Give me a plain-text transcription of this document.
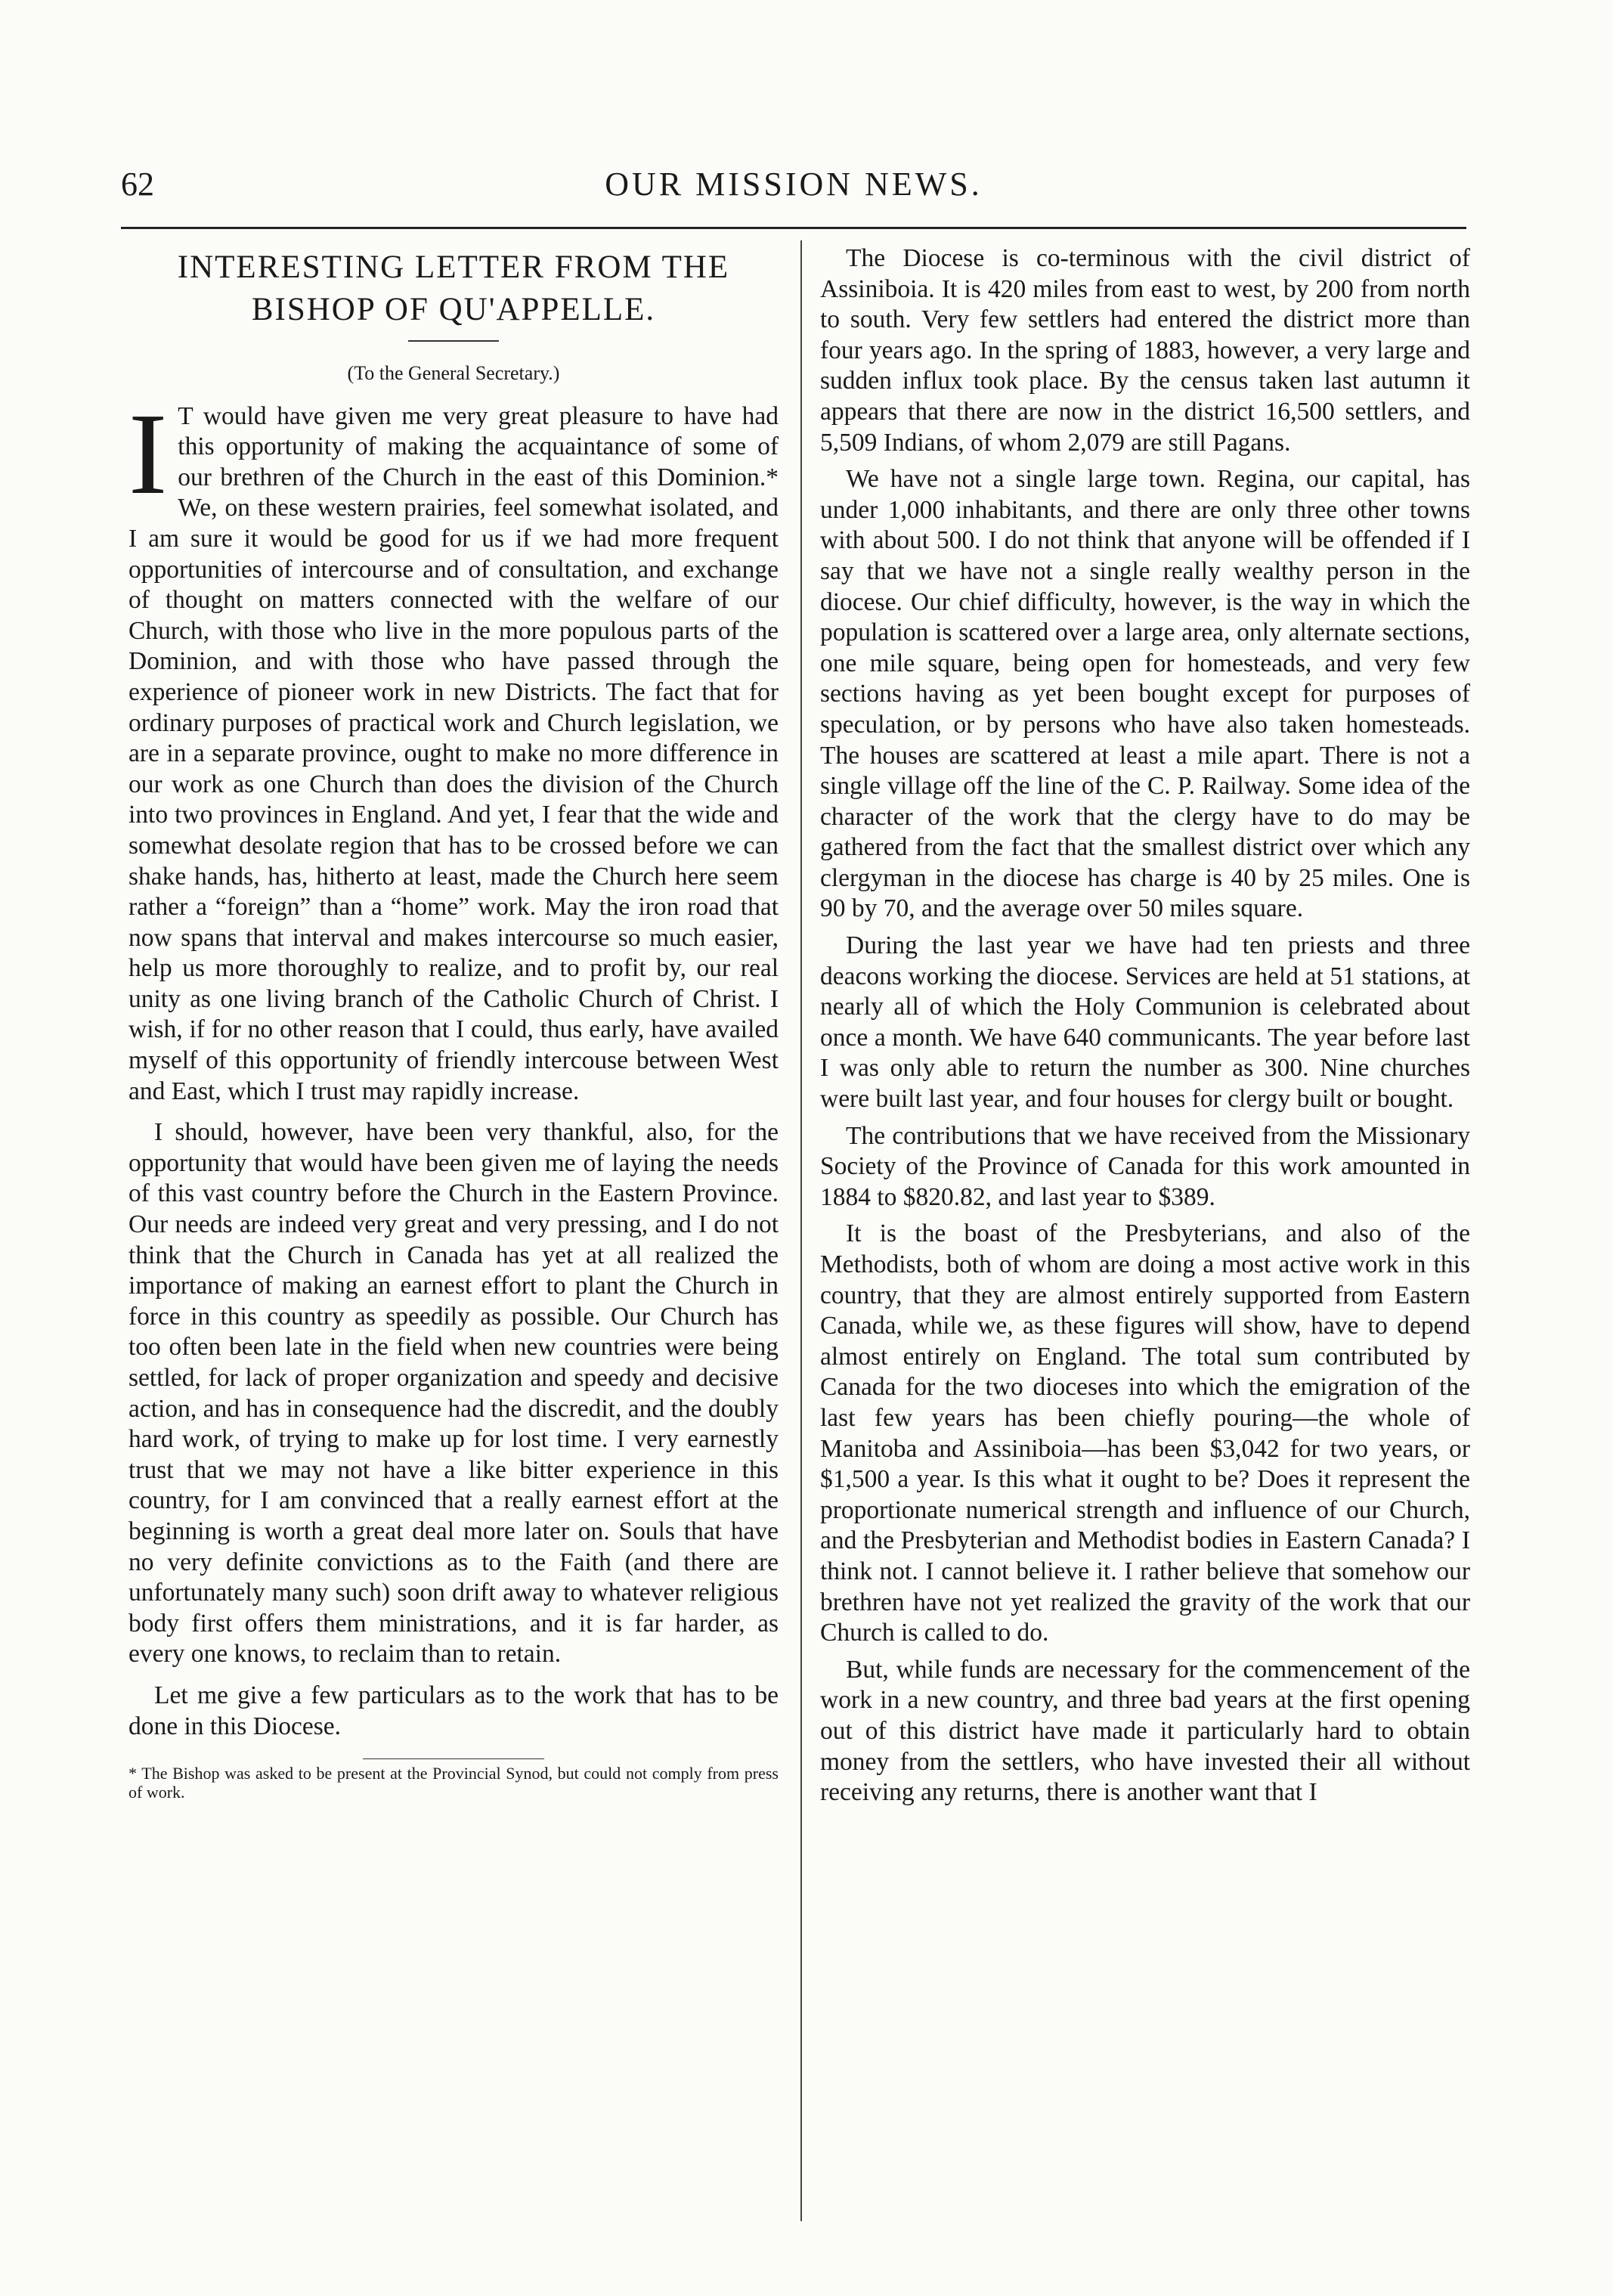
62	OUR MISSION NEWS.
INTERESTING LETTER FROM THE BISHOP OF QU'APPELLE.
(To the General Secretary.)

I T would have given me very great pleasure to have had this opportunity of making the acquaintance of some of our brethren of the Church in the east of this Dominion.* We, on these western prairies, feel somewhat isolated, and I am sure it would be good for us if we had more frequent opportunities of intercourse and of consultation, and exchange of thought on matters connected with the welfare of our Church, with those who live in the more populous parts of the Dominion, and with those who have passed through the experience of pioneer work in new Districts. The fact that for ordinary purposes of practical work and Church legislation, we are in a separate province, ought to make no more difference in our work as one Church than does the division of the Church into two provinces in England. And yet, I fear that the wide and somewhat desolate region that has to be crossed before we can shake hands, has, hitherto at least, made the Church here seem rather a “foreign” than a “home” work. May the iron road that now spans that interval and makes intercourse so much easier, help us more thoroughly to realize, and to profit by, our real unity as one living branch of the Catholic Church of Christ. I wish, if for no other reason that I could, thus early, have availed myself of this opportunity of friendly intercouse between West and East, which I trust may rapidly increase.

I should, however, have been very thankful, also, for the opportunity that would have been given me of laying the needs of this vast country before the Church in the Eastern Province. Our needs are indeed very great and very pressing, and I do not think that the Church in Canada has yet at all realized the importance of making an earnest effort to plant the Church in force in this country as speedily as possible. Our Church has too often been late in the field when new countries were being settled, for lack of proper organization and speedy and decisive action, and has in consequence had the discredit, and the doubly hard work, of trying to make up for lost time. I very earnestly trust that we may not have a like bitter experience in this country, for I am convinced that a really earnest effort at the beginning is worth a great deal more later on. Souls that have no very definite convictions as to the Faith (and there are unfortunately many such) soon drift away to whatever religious body first offers them ministrations, and it is far harder, as every one knows, to reclaim than to retain.

Let me give a few particulars as to the work that has to be done in this Diocese.

* The Bishop was asked to be present at the Provincial Synod, but could not comply from press of work.

The Diocese is co-terminous with the civil district of Assiniboia. It is 420 miles from east to west, by 200 from north to south. Very few settlers had entered the district more than four years ago. In the spring of 1883, however, a very large and sudden influx took place. By the census taken last autumn it appears that there are now in the district 16,500 settlers, and 5,509 Indians, of whom 2,079 are still Pagans.

We have not a single large town. Regina, our capital, has under 1,000 inhabitants, and there are only three other towns with about 500. I do not think that anyone will be offended if I say that we have not a single really wealthy person in the diocese. Our chief difficulty, however, is the way in which the population is scattered over a large area, only alternate sections, one mile square, being open for homesteads, and very few sections having as yet been bought except for purposes of speculation, or by persons who have also taken homesteads. The houses are scattered at least a mile apart. There is not a single village off the line of the C. P. Railway. Some idea of the character of the work that the clergy have to do may be gathered from the fact that the smallest district over which any clergyman in the diocese has charge is 40 by 25 miles. One is 90 by 70, and the average over 50 miles square.

During the last year we have had ten priests and three deacons working the diocese. Services are held at 51 stations, at nearly all of which the Holy Communion is celebrated about once a month. We have 640 communicants. The year before last I was only able to return the number as 300. Nine churches were built last year, and four houses for clergy built or bought.

The contributions that we have received from the Missionary Society of the Province of Canada for this work amounted in 1884 to $820.82, and last year to $389.

It is the boast of the Presbyterians, and also of the Methodists, both of whom are doing a most active work in this country, that they are almost entirely supported from Eastern Canada, while we, as these figures will show, have to depend almost entirely on England. The total sum contributed by Canada for the two dioceses into which the emigration of the last few years has been chiefly pouring—the whole of Manitoba and Assiniboia—has been $3,042 for two years, or $1,500 a year. Is this what it ought to be? Does it represent the proportionate numerical strength and influence of our Church, and the Presbyterian and Methodist bodies in Eastern Canada? I think not. I cannot believe it. I rather believe that somehow our brethren have not yet realized the gravity of the work that our Church is called to do.

But, while funds are necessary for the commencement of the work in a new country, and three bad years at the first opening out of this district have made it particularly hard to obtain money from the settlers, who have invested their all without receiving any returns, there is another want that I
